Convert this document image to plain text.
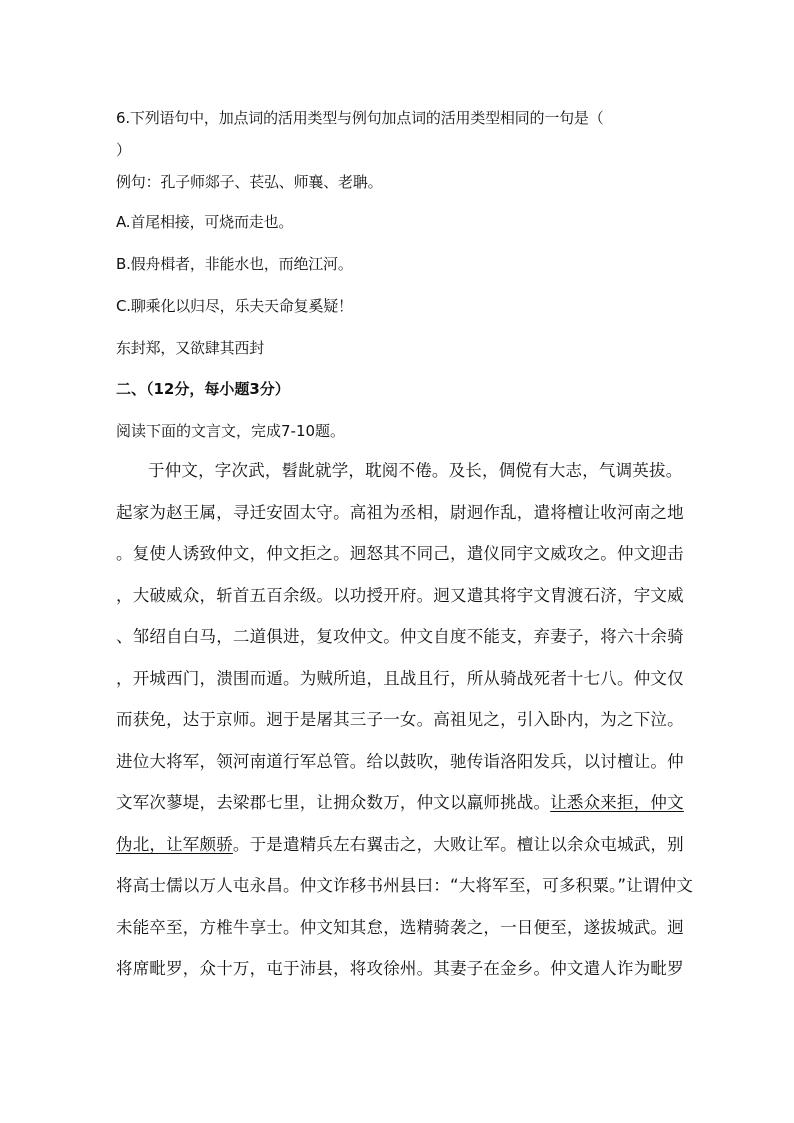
6.下列语句中，加点词的活用类型与例句加点词的活用类型相同的一句是（
）
例句：孔子师郯子、苌弘、师襄、老聃。
A.首尾相接，可烧而走也。
B.假舟楫者，非能水也，而绝江河。
C.聊乘化以归尽，乐夫天命复奚疑！
东封郑，又欲肆其西封
二、（12分，每小题3分）
阅读下面的文言文，完成7-10题。
于仲文，字次武，髫龀就学，耽阅不倦。及长，倜傥有大志，气调英拔。
起家为赵王属，寻迁安固太守。高祖为丞相，尉迥作乱，遣将檀让收河南之地
。复使人诱致仲文，仲文拒之。迥怒其不同己，遣仪同宇文威攻之。仲文迎击
，大破威众，斩首五百余级。以功授开府。迥又遣其将宇文胄渡石济，宇文威
、邹绍自白马，二道俱进，复攻仲文。仲文自度不能支，弃妻子，将六十余骑
，开城西门，溃围而遁。为贼所追，且战且行，所从骑战死者十七八。仲文仅
而获免，达于京师。迥于是屠其三子一女。高祖见之，引入卧内，为之下泣。
进位大将军，领河南道行军总管。给以鼓吹，驰传诣洛阳发兵，以讨檀让。仲
文军次蓼堤，去梁郡七里，让拥众数万，仲文以羸师挑战。让悉众来拒，仲文
伪北，让军颇骄。于是遣精兵左右翼击之，大败让军。檀让以余众屯城武，别
将高士儒以万人屯永昌。仲文诈移书州县曰：“大将军至，可多积粟。”让谓仲文
未能卒至，方椎牛享士。仲文知其怠，选精骑袭之，一日便至，遂拔城武。迥
将席毗罗，众十万，屯于沛县，将攻徐州。其妻子在金乡。仲文遣人诈为毗罗
